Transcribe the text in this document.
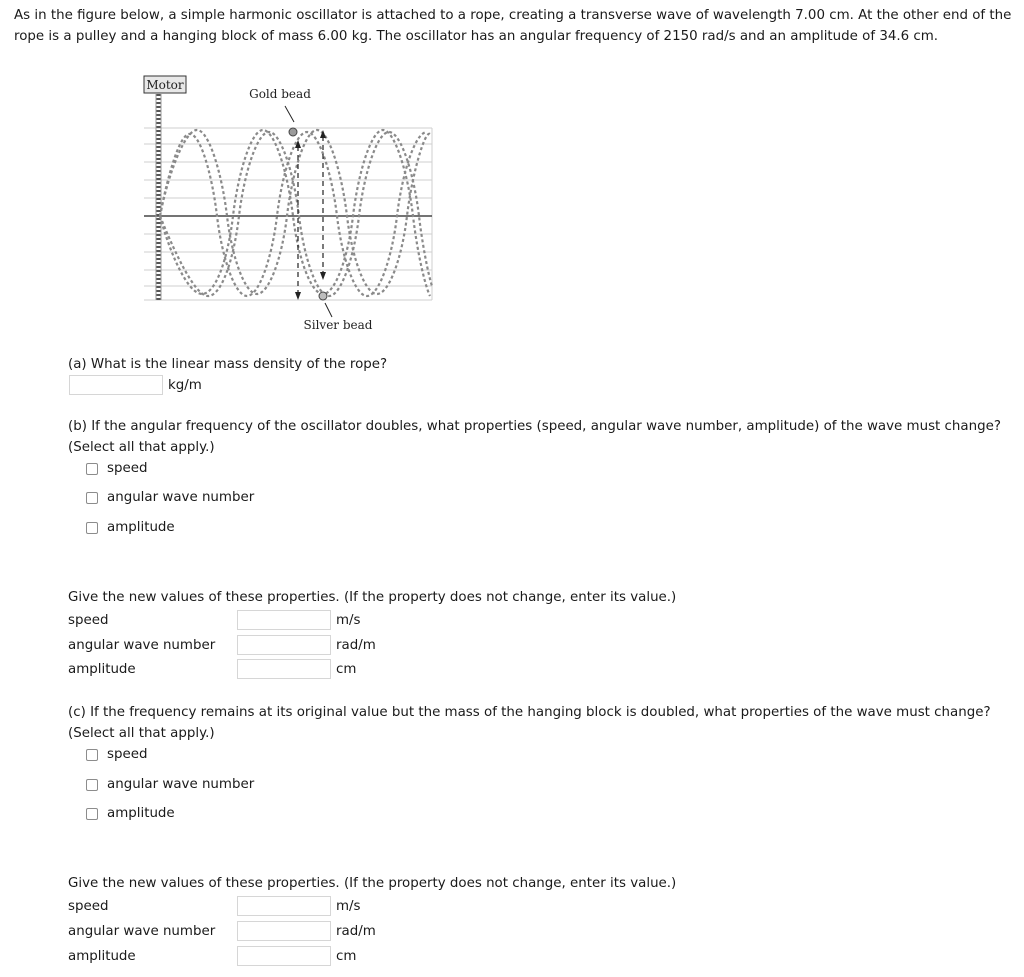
As in the figure below, a simple harmonic oscillator is attached to a rope, creating a transverse wave of wavelength 7.00 cm. At the other end of the rope is a pulley and a hanging block of mass 6.00 kg. The oscillator has an angular frequency of 2150 rad/s and an amplitude of 34.6 cm.

Motor
Gold bead
Silver bead

(a) What is the linear mass density of the rope?

kg/m

(b) If the angular frequency of the oscillator doubles, what properties (speed, angular wave number, amplitude) of the wave must change? (Select all that apply.)

speed
angular wave number
amplitude

Give the new values of these properties. (If the property does not change, enter its value.)

speed	m/s
angular wave number	rad/m
amplitude	cm

(c) If the frequency remains at its original value but the mass of the hanging block is doubled, what properties of the wave must change? (Select all that apply.)

speed
angular wave number
amplitude

Give the new values of these properties. (If the property does not change, enter its value.)

speed	m/s
angular wave number	rad/m
amplitude	cm
